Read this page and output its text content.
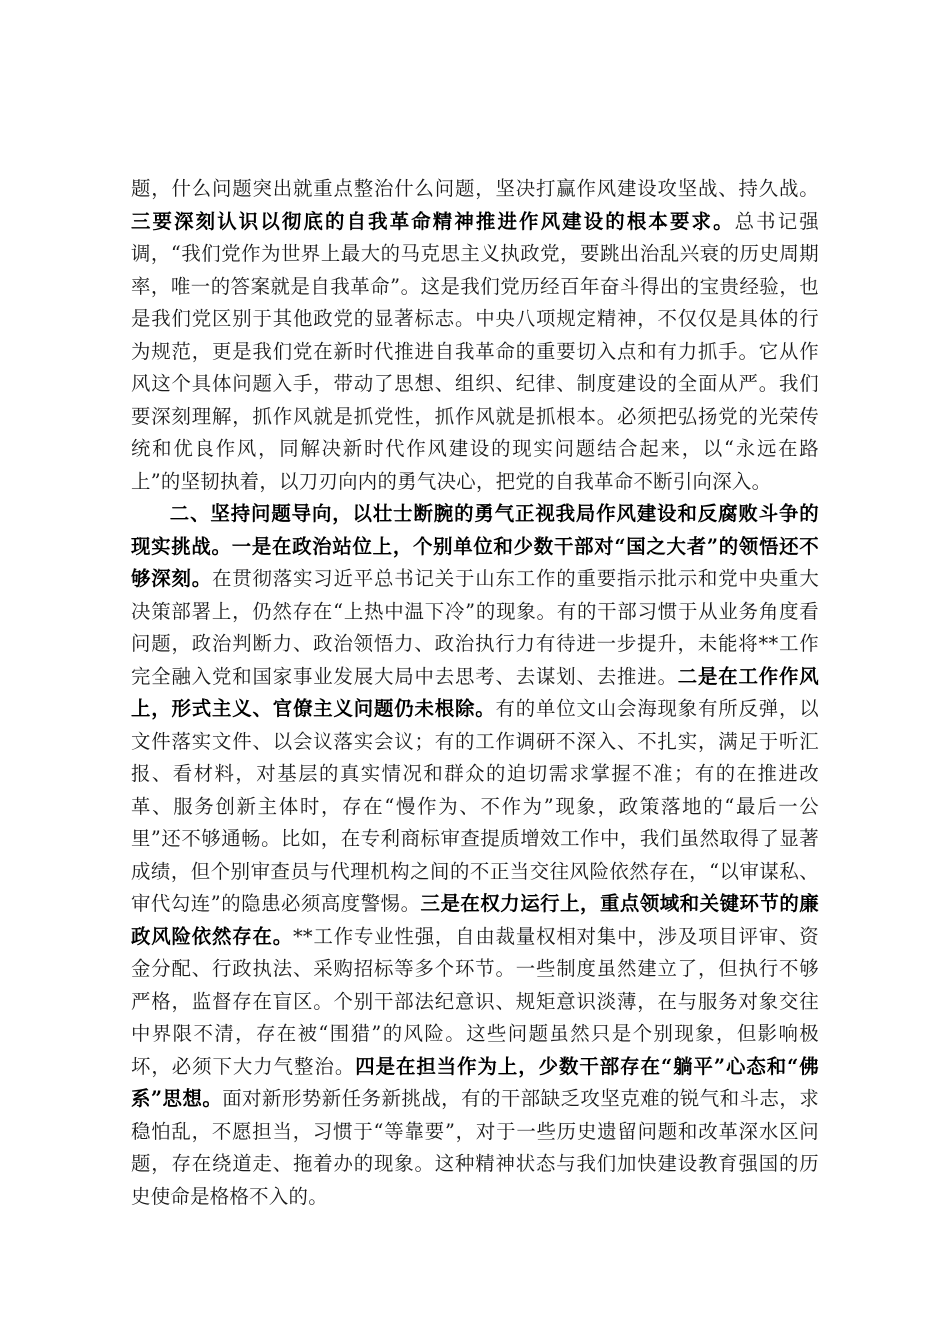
题，什么问题突出就重点整治什么问题，坚决打赢作风建设攻坚战、持久战。三要深刻认识以彻底的自我革命精神推进作风建设的根本要求。总书记强调，“我们党作为世界上最大的马克思主义执政党，要跳出治乱兴衰的历史周期率，唯一的答案就是自我革命”。这是我们党历经百年奋斗得出的宝贵经验，也是我们党区别于其他政党的显著标志。中央八项规定精神，不仅仅是具体的行为规范，更是我们党在新时代推进自我革命的重要切入点和有力抓手。它从作风这个具体问题入手，带动了思想、组织、纪律、制度建设的全面从严。我们要深刻理解，抓作风就是抓党性，抓作风就是抓根本。必须把弘扬党的光荣传统和优良作风，同解决新时代作风建设的现实问题结合起来，以“永远在路上”的坚韧执着，以刀刃向内的勇气决心，把党的自我革命不断引向深入。

二、坚持问题导向，以壮士断腕的勇气正视我局作风建设和反腐败斗争的现实挑战。一是在政治站位上，个别单位和少数干部对“国之大者”的领悟还不够深刻。在贯彻落实习近平总书记关于山东工作的重要指示批示和党中央重大决策部署上，仍然存在“上热中温下冷”的现象。有的干部习惯于从业务角度看问题，政治判断力、政治领悟力、政治执行力有待进一步提升，未能将**工作完全融入党和国家事业发展大局中去思考、去谋划、去推进。二是在工作作风上，形式主义、官僚主义问题仍未根除。有的单位文山会海现象有所反弹，以文件落实文件、以会议落实会议；有的工作调研不深入、不扎实，满足于听汇报、看材料，对基层的真实情况和群众的迫切需求掌握不准；有的在推进改革、服务创新主体时，存在“慢作为、不作为”现象，政策落地的“最后一公里”还不够通畅。比如，在专利商标审查提质增效工作中，我们虽然取得了显著成绩，但个别审查员与代理机构之间的不正当交往风险依然存在，“以审谋私、审代勾连”的隐患必须高度警惕。三是在权力运行上，重点领域和关键环节的廉政风险依然存在。**工作专业性强，自由裁量权相对集中，涉及项目评审、资金分配、行政执法、采购招标等多个环节。一些制度虽然建立了，但执行不够严格，监督存在盲区。个别干部法纪意识、规矩意识淡薄，在与服务对象交往中界限不清，存在被“围猎”的风险。这些问题虽然只是个别现象，但影响极坏，必须下大力气整治。四是在担当作为上，少数干部存在“躺平”心态和“佛系”思想。面对新形势新任务新挑战，有的干部缺乏攻坚克难的锐气和斗志，求稳怕乱，不愿担当，习惯于“等靠要”，对于一些历史遗留问题和改革深水区问题，存在绕道走、拖着办的现象。这种精神状态与我们加快建设教育强国的历史使命是格格不入的。
